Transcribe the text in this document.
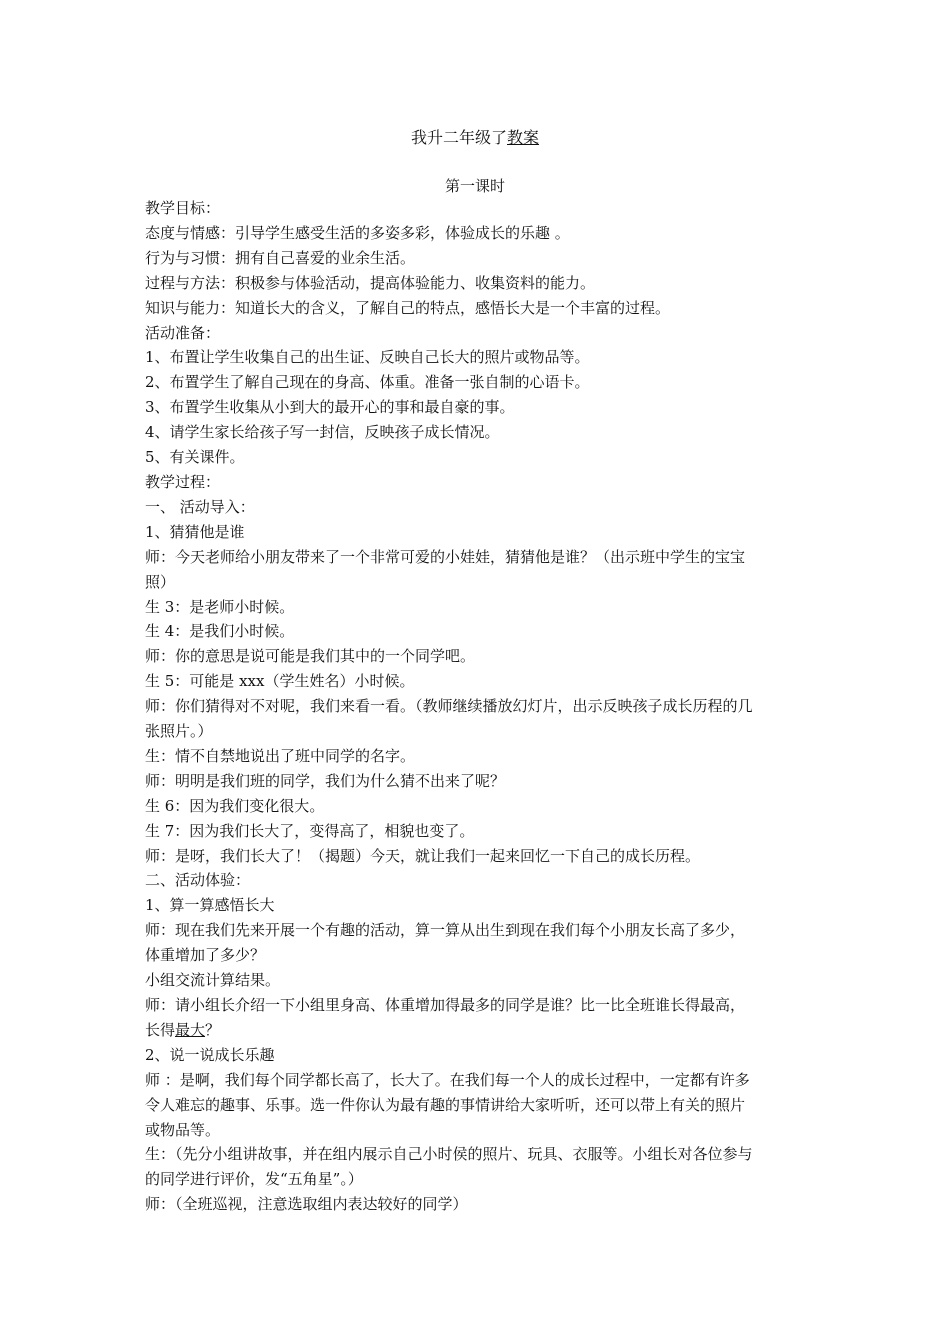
我升二年级了教案
第一课时
教学目标：
态度与情感：引导学生感受生活的多姿多彩，体验成长的乐趣 。
行为与习惯：拥有自己喜爱的业余生活。
过程与方法：积极参与体验活动，提高体验能力、收集资料的能力。
知识与能力：知道长大的含义，了解自己的特点，感悟长大是一个丰富的过程。
活动准备：
1、布置让学生收集自己的出生证、反映自己长大的照片或物品等。
2、布置学生了解自己现在的身高、体重。准备一张自制的心语卡。
3、布置学生收集从小到大的最开心的事和最自豪的事。
4、请学生家长给孩子写一封信，反映孩子成长情况。
5、有关课件。
教学过程：
一、 活动导入：
1、猜猜他是谁
师：今天老师给小朋友带来了一个非常可爱的小娃娃，猜猜他是谁？（出示班中学生的宝宝
照）
生 3：是老师小时候。
生 4：是我们小时候。
师：你的意思是说可能是我们其中的一个同学吧。
生 5：可能是 xxx（学生姓名）小时候。
师：你们猜得对不对呢，我们来看一看。（教师继续播放幻灯片，出示反映孩子成长历程的几
张照片。）
生：情不自禁地说出了班中同学的名字。
师：明明是我们班的同学，我们为什么猜不出来了呢？
生 6：因为我们变化很大。
生 7：因为我们长大了，变得高了，相貌也变了。
师：是呀，我们长大了！（揭题）今天，就让我们一起来回忆一下自己的成长历程。
二、活动体验：
1、算一算感悟长大
师：现在我们先来开展一个有趣的活动，算一算从出生到现在我们每个小朋友长高了多少，
体重增加了多少？
小组交流计算结果。
师：请小组长介绍一下小组里身高、体重增加得最多的同学是谁？比一比全班谁长得最高，
长得最大？
2、说一说成长乐趣
师 ：是啊，我们每个同学都长高了，长大了。在我们每一个人的成长过程中，一定都有许多
令人难忘的趣事、乐事。选一件你认为最有趣的事情讲给大家听听，还可以带上有关的照片
或物品等。
生：（先分小组讲故事，并在组内展示自己小时侯的照片、玩具、衣服等。小组长对各位参与
的同学进行评价，发“五角星”。）
师：（全班巡视，注意选取组内表达较好的同学）
